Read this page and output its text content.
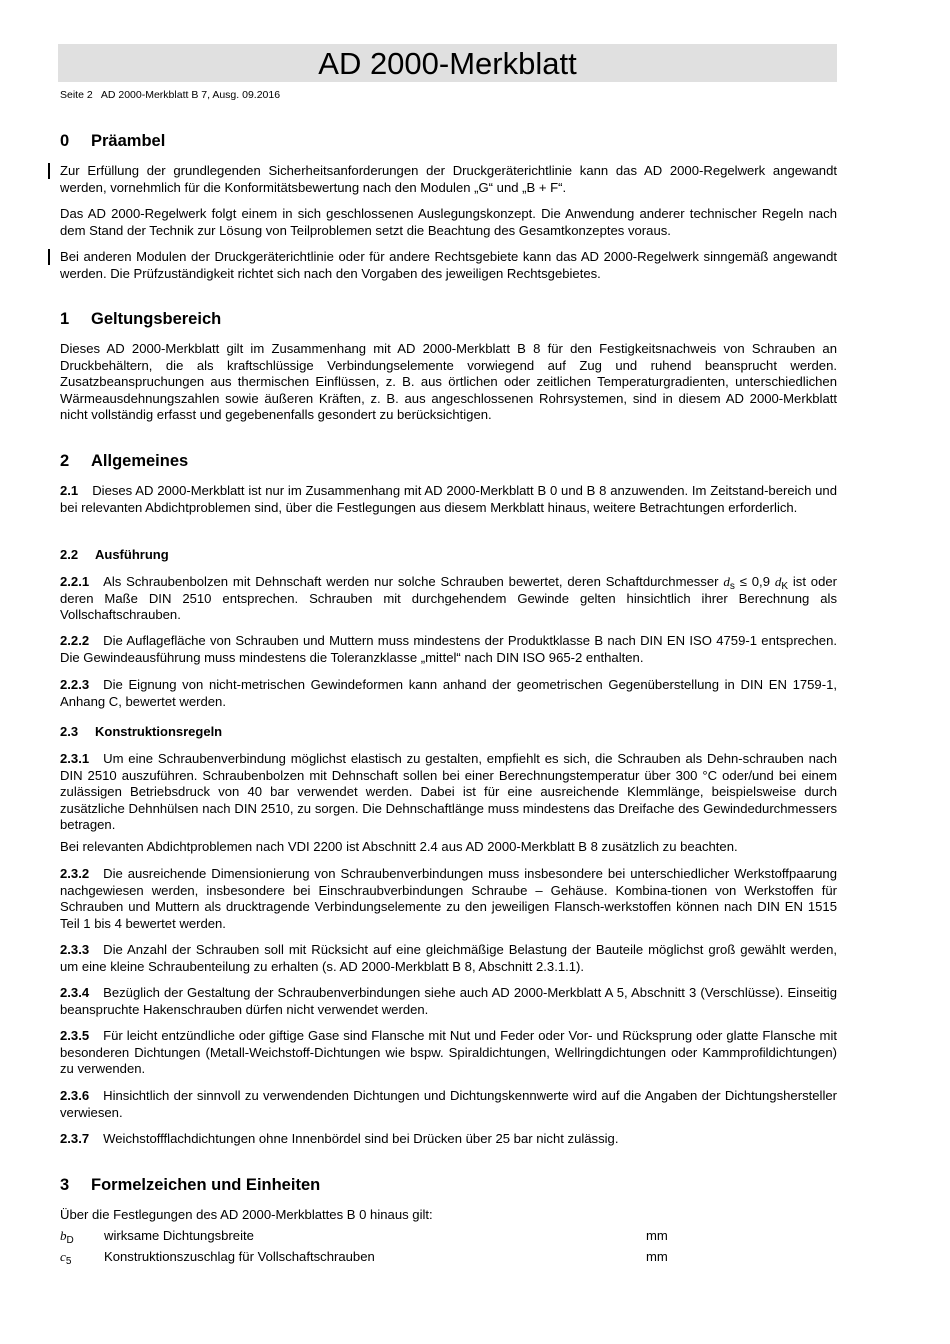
AD 2000-Merkblatt
Seite 2   AD 2000-Merkblatt B 7, Ausg. 09.2016
0 Präambel
Zur Erfüllung der grundlegenden Sicherheitsanforderungen der Druckgeräterichtlinie kann das AD 2000-Regelwerk angewandt werden, vornehmlich für die Konformitätsbewertung nach den Modulen „G“ und „B + F“.
Das AD 2000-Regelwerk folgt einem in sich geschlossenen Auslegungskonzept. Die Anwendung anderer technischer Regeln nach dem Stand der Technik zur Lösung von Teilproblemen setzt die Beachtung des Gesamtkonzeptes voraus.
Bei anderen Modulen der Druckgeräterichtlinie oder für andere Rechtsgebiete kann das AD 2000-Regelwerk sinngemäß angewandt werden. Die Prüfzuständigkeit richtet sich nach den Vorgaben des jeweiligen Rechtsgebietes.
1 Geltungsbereich
Dieses AD 2000-Merkblatt gilt im Zusammenhang mit AD 2000-Merkblatt B 8 für den Festigkeitsnachweis von Schrauben an Druckbehältern, die als kraftschlüssige Verbindungselemente vorwiegend auf Zug und ruhend beansprucht werden. Zusatzbeanspruchungen aus thermischen Einflüssen, z. B. aus örtlichen oder zeitlichen Temperaturgradienten, unterschiedlichen Wärmeausdehnungszahlen sowie äußeren Kräften, z. B. aus angeschlossenen Rohrsystemen, sind in diesem AD 2000-Merkblatt nicht vollständig erfasst und gegebenenfalls gesondert zu berücksichtigen.
2 Allgemeines
2.1 Dieses AD 2000-Merkblatt ist nur im Zusammenhang mit AD 2000-Merkblatt B 0 und B 8 anzuwenden. Im Zeitstand-bereich und bei relevanten Abdichtproblemen sind, über die Festlegungen aus diesem Merkblatt hinaus, weitere Betrachtungen erforderlich.
2.2 Ausführung
2.2.1 Als Schraubenbolzen mit Dehnschaft werden nur solche Schrauben bewertet, deren Schaftdurchmesser $d_s \le 0,9$ $d_K$ ist oder deren Maße DIN 2510 entsprechen. Schrauben mit durchgehendem Gewinde gelten hinsichtlich ihrer Berechnung als Vollschaftschrauben.
2.2.2 Die Auflagefläche von Schrauben und Muttern muss mindestens der Produktklasse B nach DIN EN ISO 4759-1 entsprechen. Die Gewindeausführung muss mindestens die Toleranzklasse „mittel“ nach DIN ISO 965-2 enthalten.
2.2.3 Die Eignung von nicht-metrischen Gewindeformen kann anhand der geometrischen Gegenüberstellung in DIN EN 1759-1, Anhang C, bewertet werden.
2.3 Konstruktionsregeln
2.3.1 Um eine Schraubenverbindung möglichst elastisch zu gestalten, empfiehlt es sich, die Schrauben als Dehn-schrauben nach DIN 2510 auszuführen. Schraubenbolzen mit Dehnschaft sollen bei einer Berechnungstemperatur über 300 °C oder/und bei einem zulässigen Betriebsdruck von 40 bar verwendet werden. Dabei ist für eine ausreichende Klemmlänge, beispielsweise durch zusätzliche Dehnhülsen nach DIN 2510, zu sorgen. Die Dehnschaftlänge muss mindestens das Dreifache des Gewindedurchmessers betragen.
Bei relevanten Abdichtproblemen nach VDI 2200 ist Abschnitt 2.4 aus AD 2000-Merkblatt B 8 zusätzlich zu beachten.
2.3.2 Die ausreichende Dimensionierung von Schraubenverbindungen muss insbesondere bei unterschiedlicher Werkstoffpaarung nachgewiesen werden, insbesondere bei Einschraubverbindungen Schraube – Gehäuse. Kombina-tionen von Werkstoffen für Schrauben und Muttern als drucktragende Verbindungselemente zu den jeweiligen Flansch-werkstoffen können nach DIN EN 1515 Teil 1 bis 4 bewertet werden.
2.3.3 Die Anzahl der Schrauben soll mit Rücksicht auf eine gleichmäßige Belastung der Bauteile möglichst groß gewählt werden, um eine kleine Schraubenteilung zu erhalten (s. AD 2000-Merkblatt B 8, Abschnitt 2.3.1.1).
2.3.4 Bezüglich der Gestaltung der Schraubenverbindungen siehe auch AD 2000-Merkblatt A 5, Abschnitt 3 (Verschlüsse). Einseitig beanspruchte Hakenschrauben dürfen nicht verwendet werden.
2.3.5 Für leicht entzündliche oder giftige Gase sind Flansche mit Nut und Feder oder Vor- und Rücksprung oder glatte Flansche mit besonderen Dichtungen (Metall-Weichstoff-Dichtungen wie bspw. Spiraldichtungen, Wellringdichtungen oder Kammprofildichtungen) zu verwenden.
2.3.6 Hinsichtlich der sinnvoll zu verwendenden Dichtungen und Dichtungskennwerte wird auf die Angaben der Dichtungshersteller verwiesen.
2.3.7 Weichstoffflachdichtungen ohne Innenbördel sind bei Drücken über 25 bar nicht zulässig.
3 Formelzeichen und Einheiten
Über die Festlegungen des AD 2000-Merkblattes B 0 hinaus gilt:
$b_D$ wirksame Dichtungsbreite	mm
$c_5$ Konstruktionszuschlag für Vollschaftschrauben	mm
